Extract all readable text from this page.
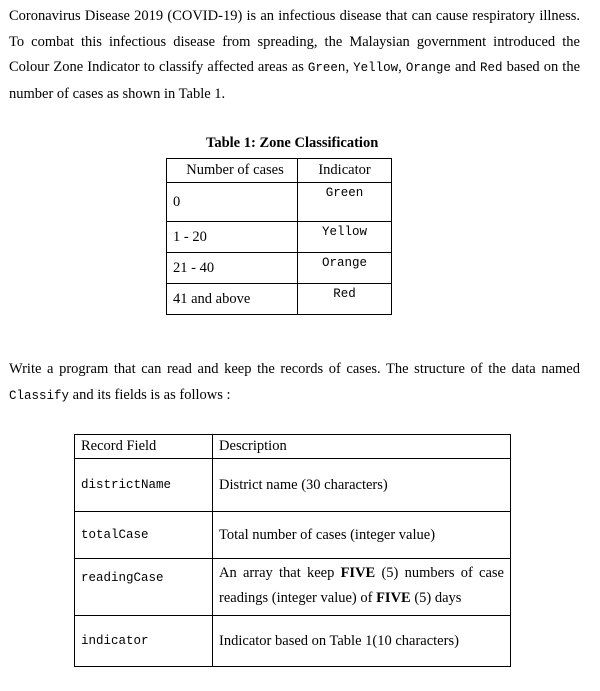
Coronavirus Disease 2019 (COVID-19) is an infectious disease that can cause respiratory illness. To combat this infectious disease from spreading, the Malaysian government introduced the Colour Zone Indicator to classify affected areas as Green, Yellow, Orange and Red based on the number of cases as shown in Table 1.
Table 1: Zone Classification
Number of cases	Indicator
0	Green
1 - 20	Yellow
21 - 40	Orange
41 and above	Red
Write a program that can read and keep the records of cases. The structure of the data named Classify and its fields is as follows :
Record Field	Description
districtName	District name (30 characters)
totalCase	Total number of cases (integer value)
readingCase	An array that keep FIVE (5) numbers of case readings (integer value) of FIVE (5) days
indicator	Indicator based on Table 1(10 characters)
